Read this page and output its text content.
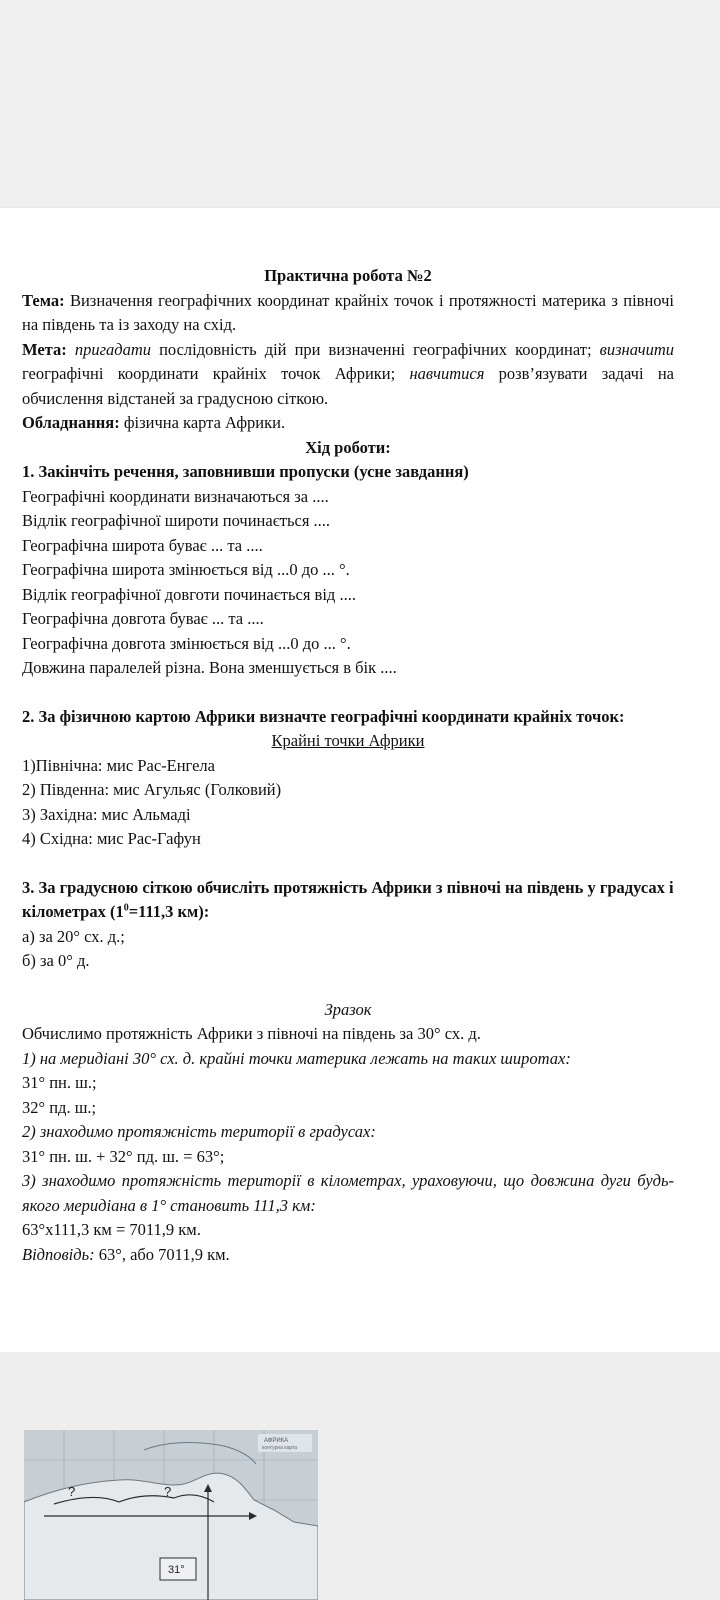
Практична робота №2

Тема: Визначення географічних координат крайніх точок і протяжності материка з півночі на південь та із заходу на схід.

Мета: пригадати послідовність дій при визначенні географічних координат; визначити географічні координати крайніх точок Африки; навчитися розв’язувати задачі на обчислення відстаней за градусною сіткою.

Обладнання: фізична карта Африки.

Хід роботи:

1. Закінчіть речення, заповнивши пропуски (усне завдання)

Географічні координати визначаються за ....

Відлік географічної широти починається ....

Географічна широта буває ... та ....

Географічна широта змінюється від ...0 до ... °.

Відлік географічної довготи починається від ....

Географічна довгота буває ... та ....

Географічна довгота змінюється від ...0 до ... °.

Довжина паралелей різна. Вона зменшується в бік ....

2. За фізичною картою Африки визначте географічні координати крайніх точок:

Крайні точки Африки

1)Північна: мис Рас-Енгела

2) Південна: мис Агульяс (Голковий)

3) Західна: мис Альмаді

4) Східна: мис Рас-Гафун

3. За градусною сіткою обчисліть протяжність Африки з півночі на південь у градусах і кілометрах ($1^0=111,3$ км):

а) за 20° сх. д.;

б) за 0° д.

Зразок

Обчислимо протяжність Африки з півночі на південь за 30° сх. д.

1) на меридіані 30° сх. д. крайні точки материка лежать на таких широтах:

31° пн. ш.;

32° пд. ш.;

2) знаходимо протяжність території в градусах:

31° пн. ш. + 32° пд. ш. = 63°;

3) знаходимо протяжність території в кілометрах, ураховуючи, що довжина дуги будь-якого меридіана в 1° становить 111,3 км:

63°х111,3 км = 7011,9 км.

Відповідь: 63°, або 7011,9 км.

?	?
31°
АФРИКА
контурна карта
